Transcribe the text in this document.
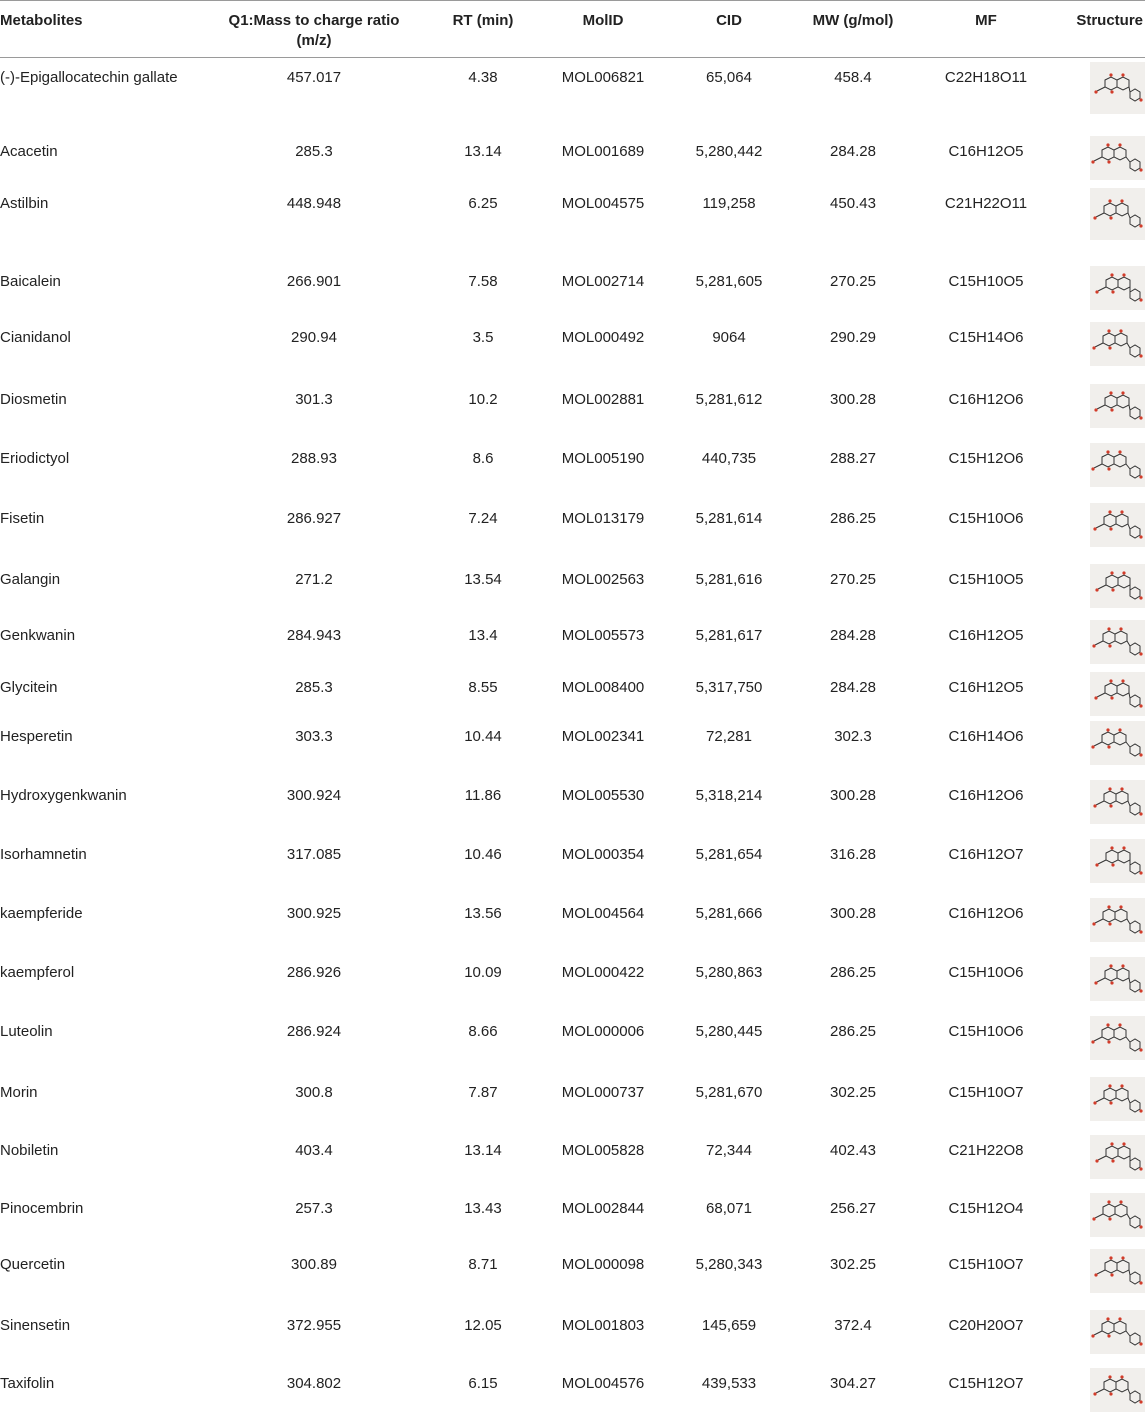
Metabolites	Q1:Mass to charge ratio (m/z)	RT (min)	MolID	CID	MW (g/mol)	MF	Structure
(-)-Epigallocatechin gallate	457.017	4.38	MOL006821	65,064	458.4	C22H18O11	

Acacetin	285.3	13.14	MOL001689	5,280,442	284.28	C16H12O5	

Astilbin	448.948	6.25	MOL004575	119,258	450.43	C21H22O11	

Baicalein	266.901	7.58	MOL002714	5,281,605	270.25	C15H10O5	

Cianidanol	290.94	3.5	MOL000492	9064	290.29	C15H14O6	

Diosmetin	301.3	10.2	MOL002881	5,281,612	300.28	C16H12O6	

Eriodictyol	288.93	8.6	MOL005190	440,735	288.27	C15H12O6	

Fisetin	286.927	7.24	MOL013179	5,281,614	286.25	C15H10O6	

Galangin	271.2	13.54	MOL002563	5,281,616	270.25	C15H10O5	

Genkwanin	284.943	13.4	MOL005573	5,281,617	284.28	C16H12O5	

Glycitein	285.3	8.55	MOL008400	5,317,750	284.28	C16H12O5	

Hesperetin	303.3	10.44	MOL002341	72,281	302.3	C16H14O6	

Hydroxygenkwanin	300.924	11.86	MOL005530	5,318,214	300.28	C16H12O6	

Isorhamnetin	317.085	10.46	MOL000354	5,281,654	316.28	C16H12O7	

kaempferide	300.925	13.56	MOL004564	5,281,666	300.28	C16H12O6	

kaempferol	286.926	10.09	MOL000422	5,280,863	286.25	C15H10O6	

Luteolin	286.924	8.66	MOL000006	5,280,445	286.25	C15H10O6	

Morin	300.8	7.87	MOL000737	5,281,670	302.25	C15H10O7	

Nobiletin	403.4	13.14	MOL005828	72,344	402.43	C21H22O8	

Pinocembrin	257.3	13.43	MOL002844	68,071	256.27	C15H12O4	

Quercetin	300.89	8.71	MOL000098	5,280,343	302.25	C15H10O7	

Sinensetin	372.955	12.05	MOL001803	145,659	372.4	C20H20O7	

Taxifolin	304.802	6.15	MOL004576	439,533	304.27	C15H12O7	
